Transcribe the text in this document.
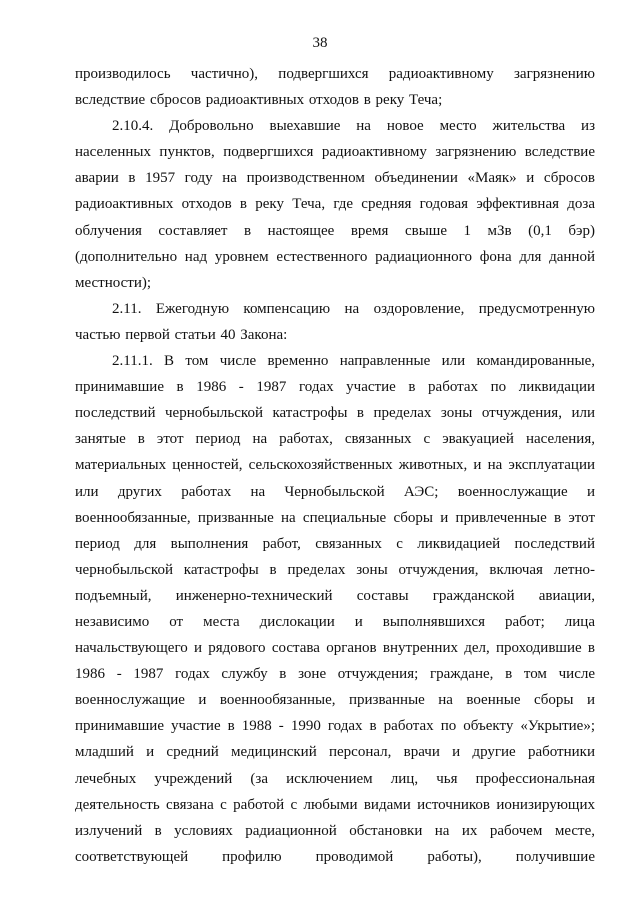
38

производилось частично), подвергшихся радиоактивному загрязнению вследствие сбросов радиоактивных отходов в реку Теча;

2.10.4. Добровольно выехавшие на новое место жительства из населенных пунктов, подвергшихся радиоактивному загрязнению вследствие аварии в 1957 году на производственном объединении «Маяк» и сбросов радиоактивных отходов в реку Теча, где средняя годовая эффективная доза облучения составляет в настоящее время свыше 1 мЗв (0,1 бэр) (дополнительно над уровнем естественного радиационного фона для данной местности);

2.11. Ежегодную компенсацию на оздоровление, предусмотренную частью первой статьи 40 Закона:

2.11.1. В том числе временно направленные или командированные, принимавшие в 1986 - 1987 годах участие в работах по ликвидации последствий чернобыльской катастрофы в пределах зоны отчуждения, или занятые в этот период на работах, связанных с эвакуацией населения, материальных ценностей, сельскохозяйственных животных, и на эксплуатации или других работах на Чернобыльской АЭС; военнослужащие и военнообязанные, призванные на специальные сборы и привлеченные в этот период для выполнения работ, связанных с ликвидацией последствий чернобыльской катастрофы в пределах зоны отчуждения, включая летно-подъемный, инженерно-технический составы гражданской авиации, независимо от места дислокации и выполнявшихся работ; лица начальствующего и рядового состава органов внутренних дел, проходившие в 1986 - 1987 годах службу в зоне отчуждения; граждане, в том числе военнослужащие и военнообязанные, призванные на военные сборы и принимавшие участие в 1988 - 1990 годах в работах по объекту «Укрытие»; младший и средний медицинский персонал, врачи и другие работники лечебных учреждений (за исключением лиц, чья профессиональная деятельность связана с работой с любыми видами источников ионизирующих излучений в условиях радиационной обстановки на их рабочем месте, соответствующей профилю проводимой работы), получившие
